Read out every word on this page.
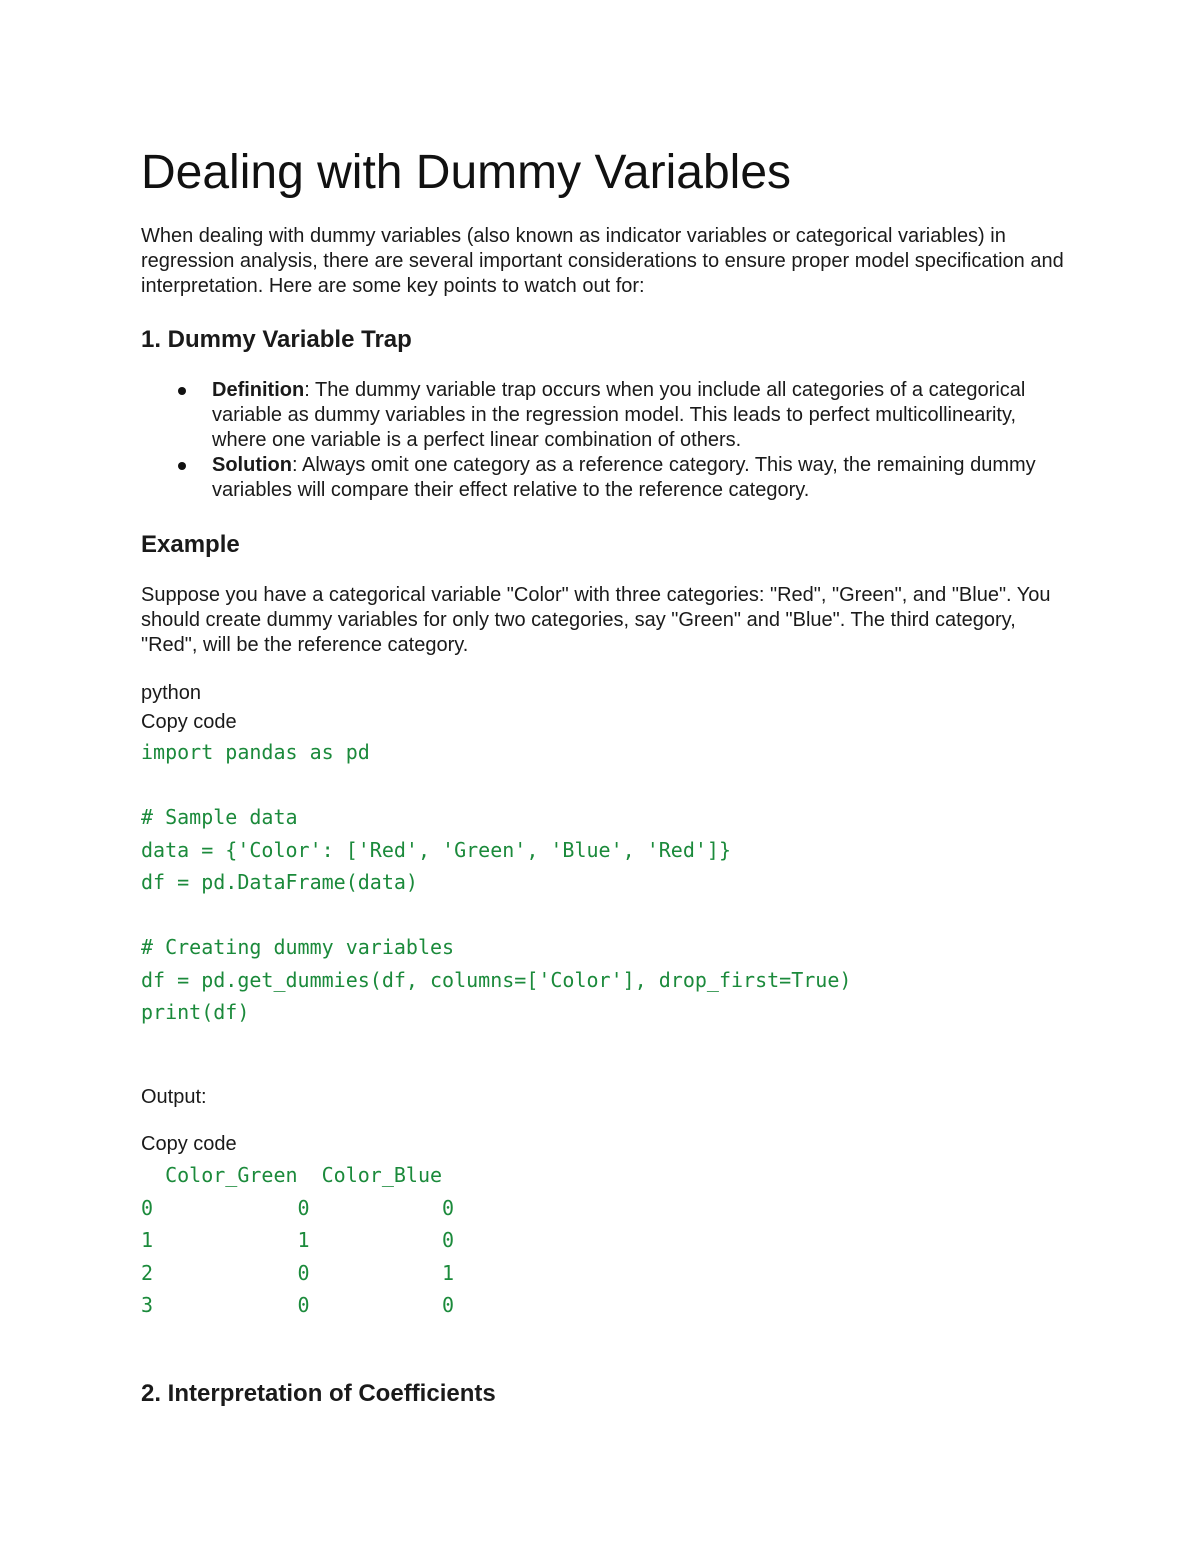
Dealing with Dummy Variables

When dealing with dummy variables (also known as indicator variables or categorical variables) in regression analysis, there are several important considerations to ensure proper model specification and interpretation. Here are some key points to watch out for:

1. Dummy Variable Trap
Definition: The dummy variable trap occurs when you include all categories of a categorical variable as dummy variables in the regression model. This leads to perfect multicollinearity, where one variable is a perfect linear combination of others.
Solution: Always omit one category as a reference category. This way, the remaining dummy variables will compare their effect relative to the reference category.
Example

Suppose you have a categorical variable "Color" with three categories: "Red", "Green", and "Blue". You should create dummy variables for only two categories, say "Green" and "Blue". The third category, "Red", will be the reference category.

python

Copy code

import pandas as pd

# Sample data
data = {'Color': ['Red', 'Green', 'Blue', 'Red']}
df = pd.DataFrame(data)

# Creating dummy variables
df = pd.get_dummies(df, columns=['Color'], drop_first=True)
print(df)

Output:

Copy code

Color_Green  Color_Blue
0            0           0
1            1           0
2            0           1
3            0           0
2. Interpretation of Coefficients
